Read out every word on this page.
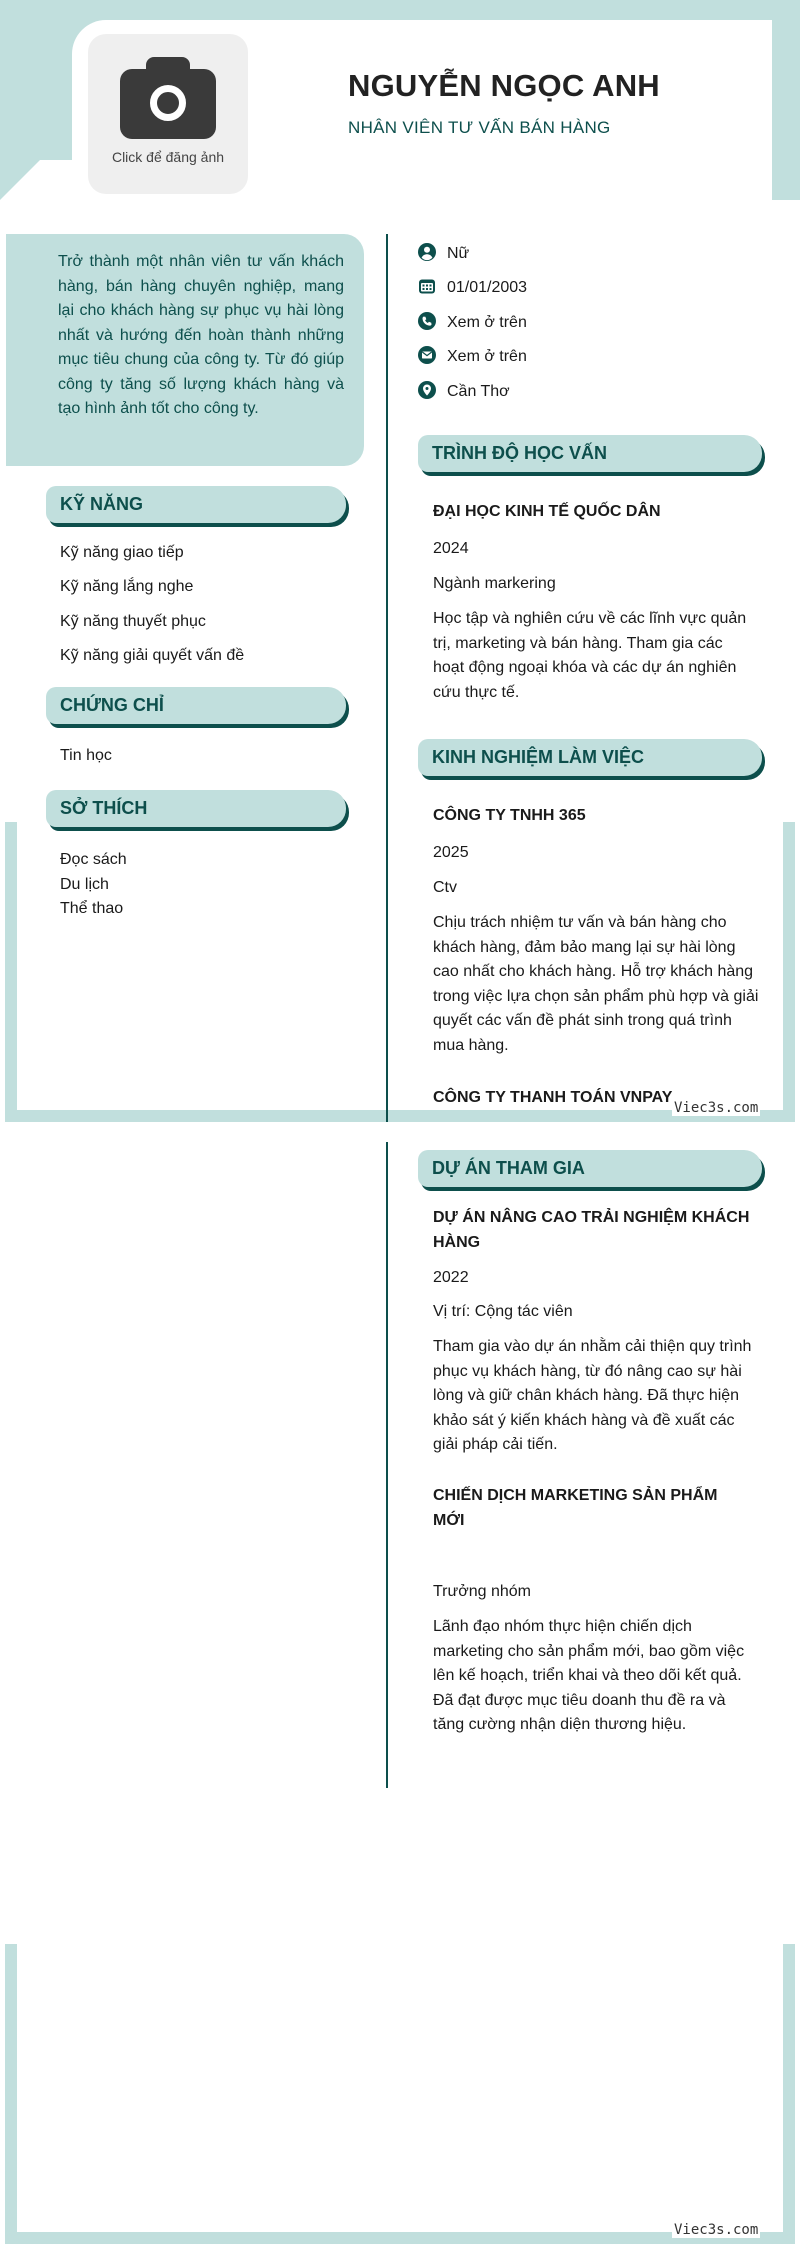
Viec3s.com
Viec3s.com
Click để đăng ảnh
NGUYỄN NGỌC ANH
NHÂN VIÊN TƯ VẤN BÁN HÀNG

Trở thành một nhân viên tư vấn khách hàng, bán hàng chuyên nghiệp, mang lại cho khách hàng sự phục vụ hài lòng nhất và hướng đến hoàn thành những mục tiêu chung của công ty. Từ đó giúp công ty tăng số lượng khách hàng và tạo hình ảnh tốt cho công ty.

KỸ NĂNG
Kỹ năng giao tiếp
Kỹ năng lắng nghe
Kỹ năng thuyết phục
Kỹ năng giải quyết vấn đề
CHỨNG CHỈ
Tin học
SỞ THÍCH
Đọc sách
Du lịch
Thể thao
Nữ
01/01/2003
Xem ở trên
Xem ở trên
Cần Thơ
TRÌNH ĐỘ HỌC VẤN
ĐẠI HỌC KINH TẾ QUỐC DÂN
2024
Ngành markering
Học tập và nghiên cứu về các lĩnh vực quản trị, marketing và bán hàng. Tham gia các hoạt động ngoại khóa và các dự án nghiên cứu thực tế.
KINH NGHIỆM LÀM VIỆC
CÔNG TY TNHH 365
2025
Ctv
Chịu trách nhiệm tư vấn và bán hàng cho khách hàng, đảm bảo mang lại sự hài lòng cao nhất cho khách hàng. Hỗ trợ khách hàng trong việc lựa chọn sản phẩm phù hợp và giải quyết các vấn đề phát sinh trong quá trình mua hàng.
CÔNG TY THANH TOÁN VNPAY
DỰ ÁN THAM GIA
DỰ ÁN NÂNG CAO TRẢI NGHIỆM KHÁCH HÀNG
2022
Vị trí: Cộng tác viên
Tham gia vào dự án nhằm cải thiện quy trình phục vụ khách hàng, từ đó nâng cao sự hài lòng và giữ chân khách hàng. Đã thực hiện khảo sát ý kiến khách hàng và đề xuất các giải pháp cải tiến.
CHIẾN DỊCH MARKETING SẢN PHẨM MỚI
Trưởng nhóm
Lãnh đạo nhóm thực hiện chiến dịch marketing cho sản phẩm mới, bao gồm việc lên kế hoạch, triển khai và theo dõi kết quả. Đã đạt được mục tiêu doanh thu đề ra và tăng cường nhận diện thương hiệu.
